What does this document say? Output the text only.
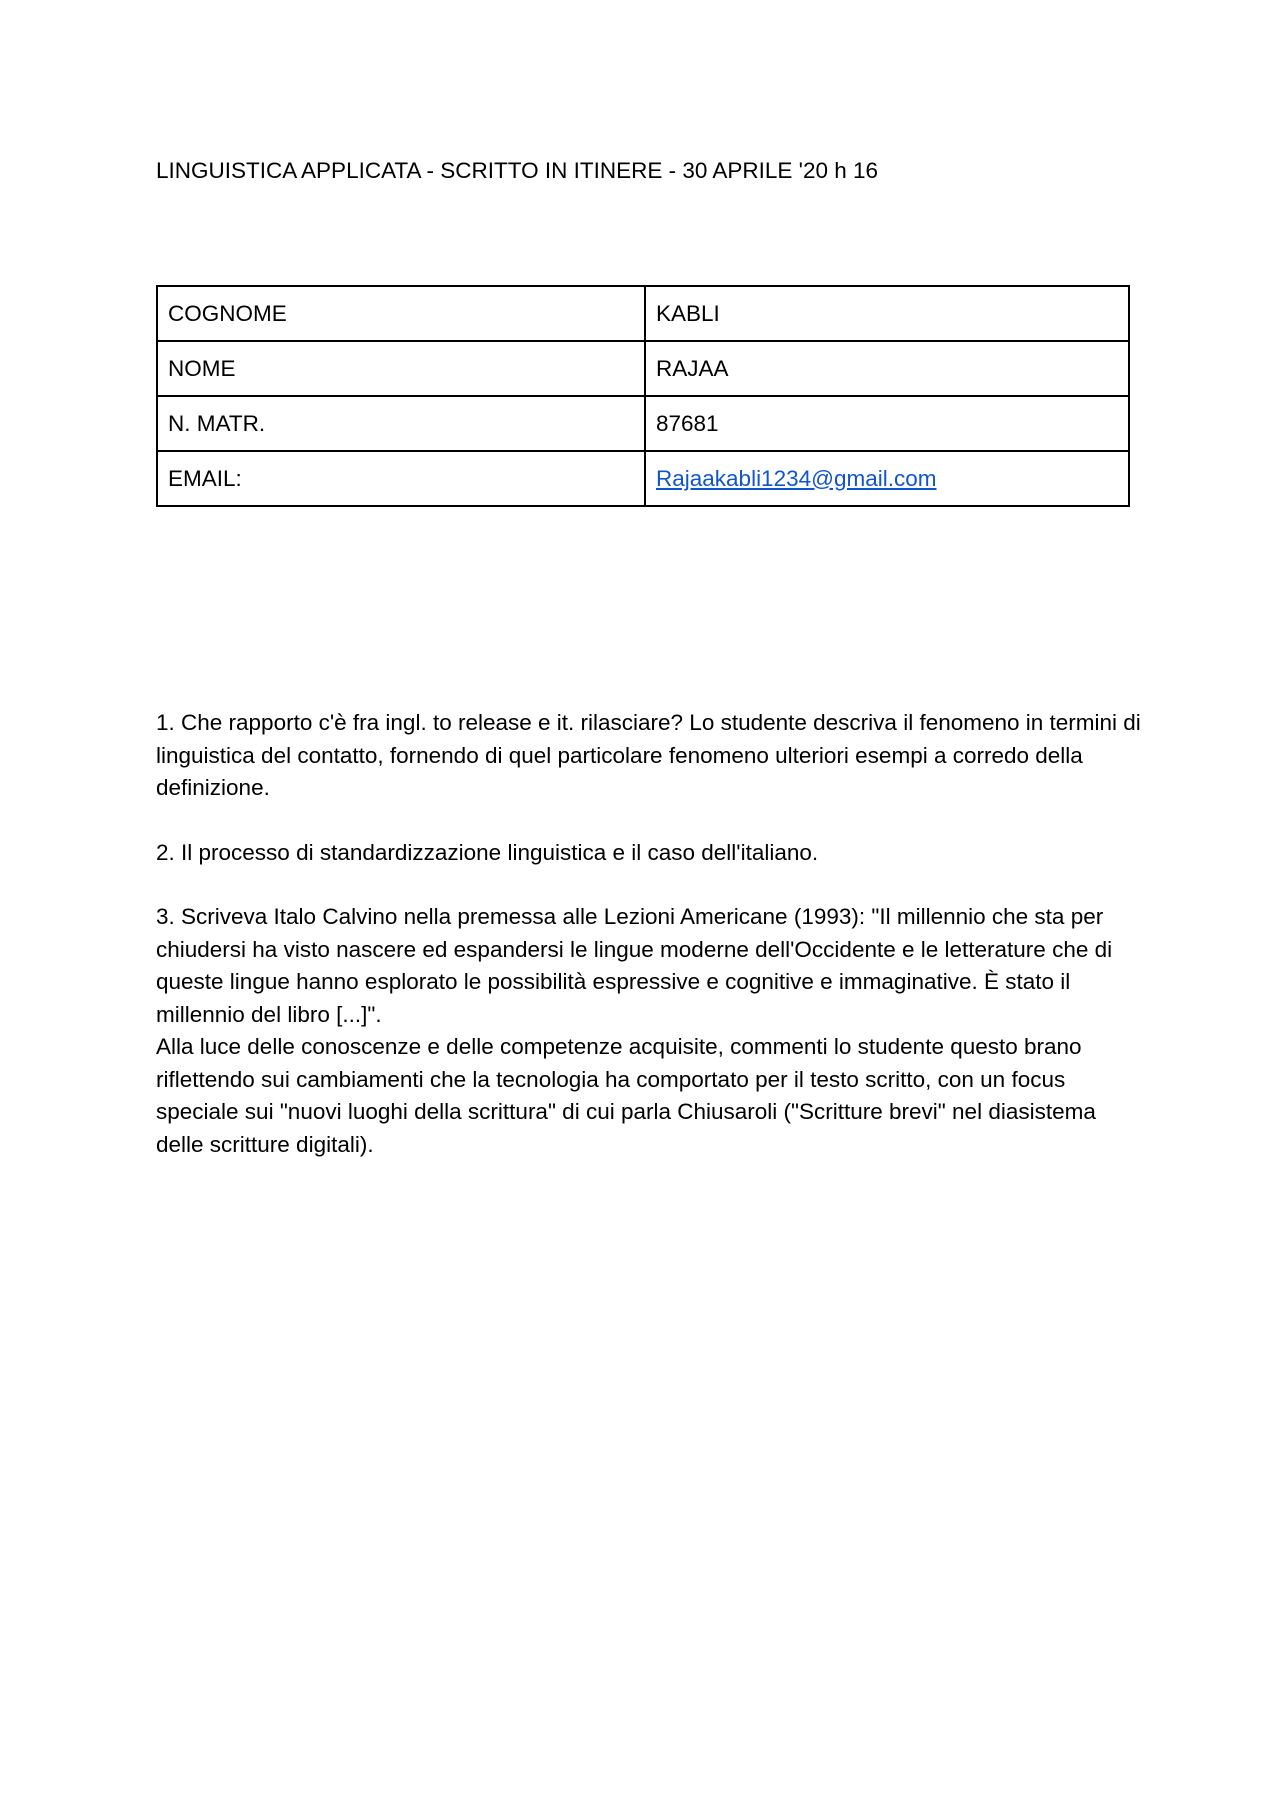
LINGUISTICA APPLICATA - SCRITTO IN ITINERE - 30 APRILE '20 h 16
COGNOME	KABLI
NOME	RAJAA
N. MATR.	87681
EMAIL:	Rajaakabli1234@gmail.com

1. Che rapporto c'è fra ingl. to release e it. rilasciare? Lo studente descriva il fenomeno in termini di linguistica del contatto, fornendo di quel particolare fenomeno ulteriori esempi a corredo della definizione.

2. Il processo di standardizzazione linguistica e il caso dell'italiano.

3. Scriveva Italo Calvino nella premessa alle Lezioni Americane (1993): "Il millennio che sta per chiudersi ha visto nascere ed espandersi le lingue moderne dell'Occidente e le letterature che di queste lingue hanno esplorato le possibilità espressive e cognitive e immaginative. È stato il millennio del libro [...]".

Alla luce delle conoscenze e delle competenze acquisite, commenti lo studente questo brano riflettendo sui cambiamenti che la tecnologia ha comportato per il testo scritto, con un focus speciale sui "nuovi luoghi della scrittura" di cui parla Chiusaroli ("Scritture brevi" nel diasistema delle scritture digitali).
